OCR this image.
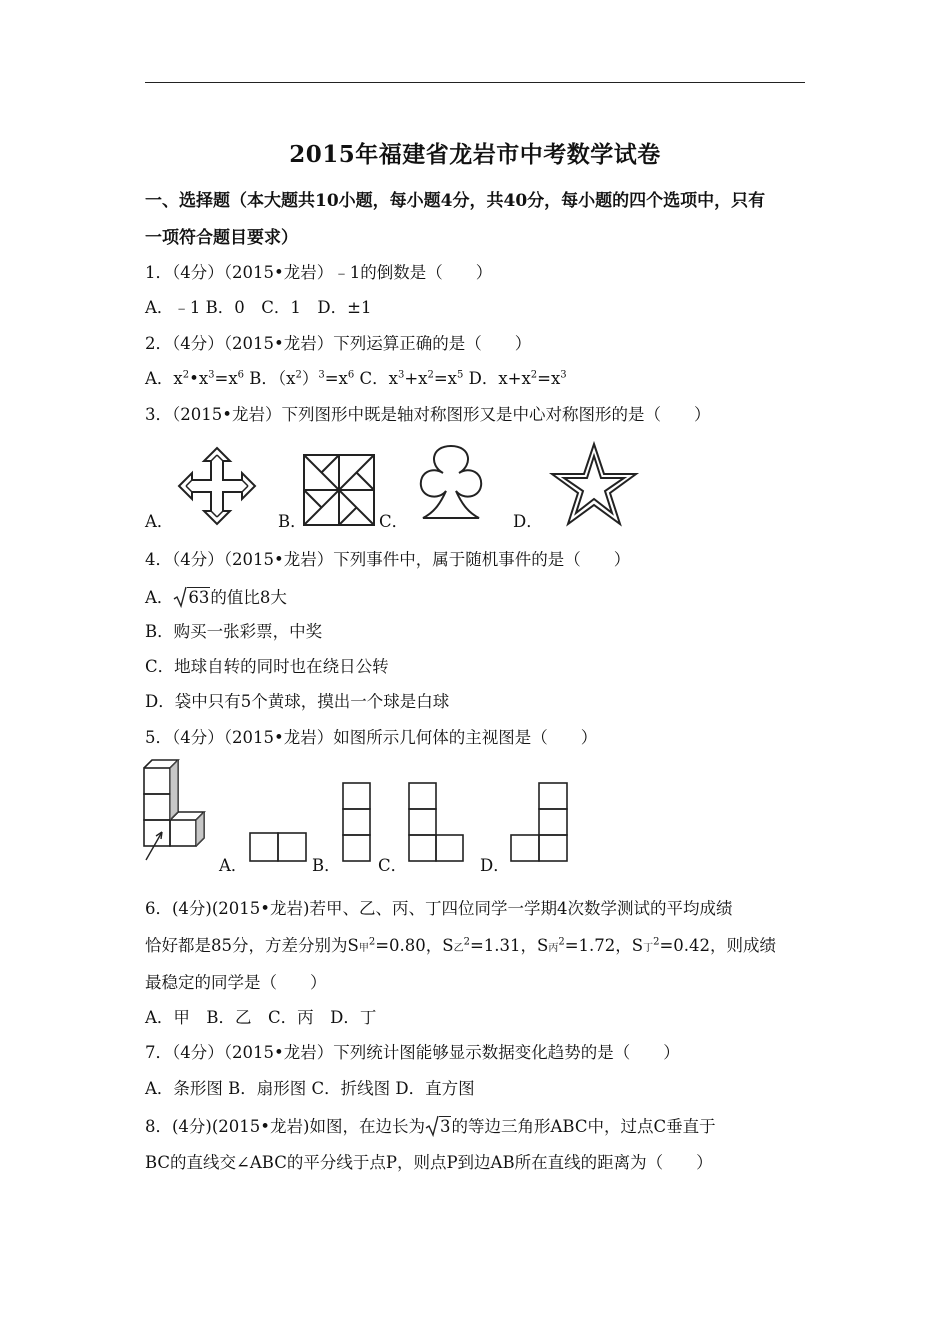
2015年福建省龙岩市中考数学试卷
一、选择题（本大题共10小题，每小题4分，共40分，每小题的四个选项中，只有
一项符合题目要求）
1．（4分）（2015•龙岩）﹣1的倒数是（　　）
A．﹣1 B．0　C．1　D．±1
2．（4分）（2015•龙岩）下列运算正确的是（　　）
A．$x^2•x^3=x^6$ B．$(x^2)^3=x^6$ C．$x^3+x^2=x^5$ D．$x+x^2=x^3$
3．（2015•龙岩）下列图形中既是轴对称图形又是中心对称图形的是（　　）
A．	B．	C．	D．
4．（4分）（2015•龙岩）下列事件中，属于随机事件的是（　　）
A． 63的值比8大
B．购买一张彩票，中奖
C．地球自转的同时也在绕日公转
D．袋中只有5个黄球，摸出一个球是白球
5．（4分）（2015•龙岩）如图所示几何体的主视图是（　　）
A．	B． C．	D．
6．(4分)(2015•龙岩)若甲、乙、丙、丁四位同学一学期4次数学测试的平均成绩
恰好都是85分，方差分别为S甲$^2$=0.80，S乙$^2$=1.31，S丙$^2$=1.72，S丁$^2$=0.42，则成绩
最稳定的同学是（　　）
A．甲　B．乙　C．丙　D．丁
7．（4分）（2015•龙岩）下列统计图能够显示数据变化趋势的是（　　）
A．条形图 B．扇形图 C．折线图 D．直方图
8．(4分)(2015•龙岩)如图，在边长为 3的等边三角形ABC中，过点C垂直于
BC的直线交∠ABC的平分线于点P，则点P到边AB所在直线的距离为（　　）
